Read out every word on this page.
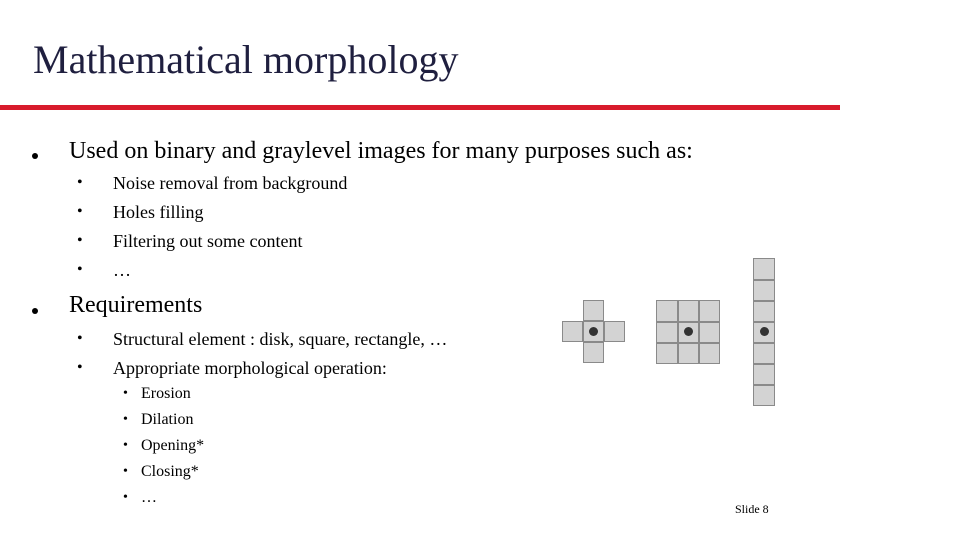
Mathematical morphology
Used on binary and graylevel images for many purposes such as:
• Noise removal from background
• Holes filling
• Filtering out some content
• …
Requirements
• Structural element : disk, square, rectangle, …
• Appropriate morphological operation:
• Erosion
• Dilation
• Opening*
• Closing*
• …
Slide 8
